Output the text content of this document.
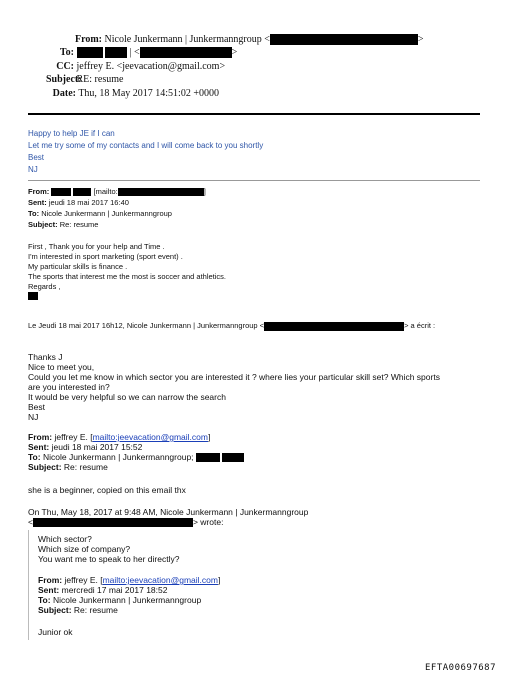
From: Nicole Junkermann | Junkermanngroup <	>
To:	| <	>
CC: jeffrey E. <jeevacation@gmail.com>
Subject: RE: resume
Date: Thu, 18 May 2017 14:51:02 +0000
Happy to help JE if I can
Let me try some of my contacts and I will come back to you shortly
Best
NJ
From:	[mailto:	]
Sent: jeudi 18 mai 2017 16:40
To: Nicole Junkermann | Junkermanngroup
Subject: Re: resume
First , Thank you for your help and Time .
I'm interested in sport marketing (sport event) .
My particular skills is finance .
The sports that interest me the most is soccer and athletics.
Regards ,
Le Jeudi 18 mai 2017 16h12, Nicole Junkermann | Junkermanngroup <	> a écrit :
Thanks J
Nice to meet you,
Could you let me know in which sector you are interested it ? where lies your particular skill set? Which sports
are you interested in?
It would be very helpful so we can narrow the search
Best
NJ
From: jeffrey E. [mailto:jeevacation@gmail.com]
Sent: jeudi 18 mai 2017 15:52
To: Nicole Junkermann | Junkermanngroup;
Subject: Re: resume
she is a beginner, copied on this email thx
On Thu, May 18, 2017 at 9:48 AM, Nicole Junkermann | Junkermanngroup
<	> wrote:
Which sector?
Which size of company?
You want me to speak to her directly?
From: jeffrey E. [mailto:jeevacation@gmail.com]
Sent: mercredi 17 mai 2017 18:52
To: Nicole Junkermann | Junkermanngroup
Subject: Re: resume
Junior ok
EFTA00697687
